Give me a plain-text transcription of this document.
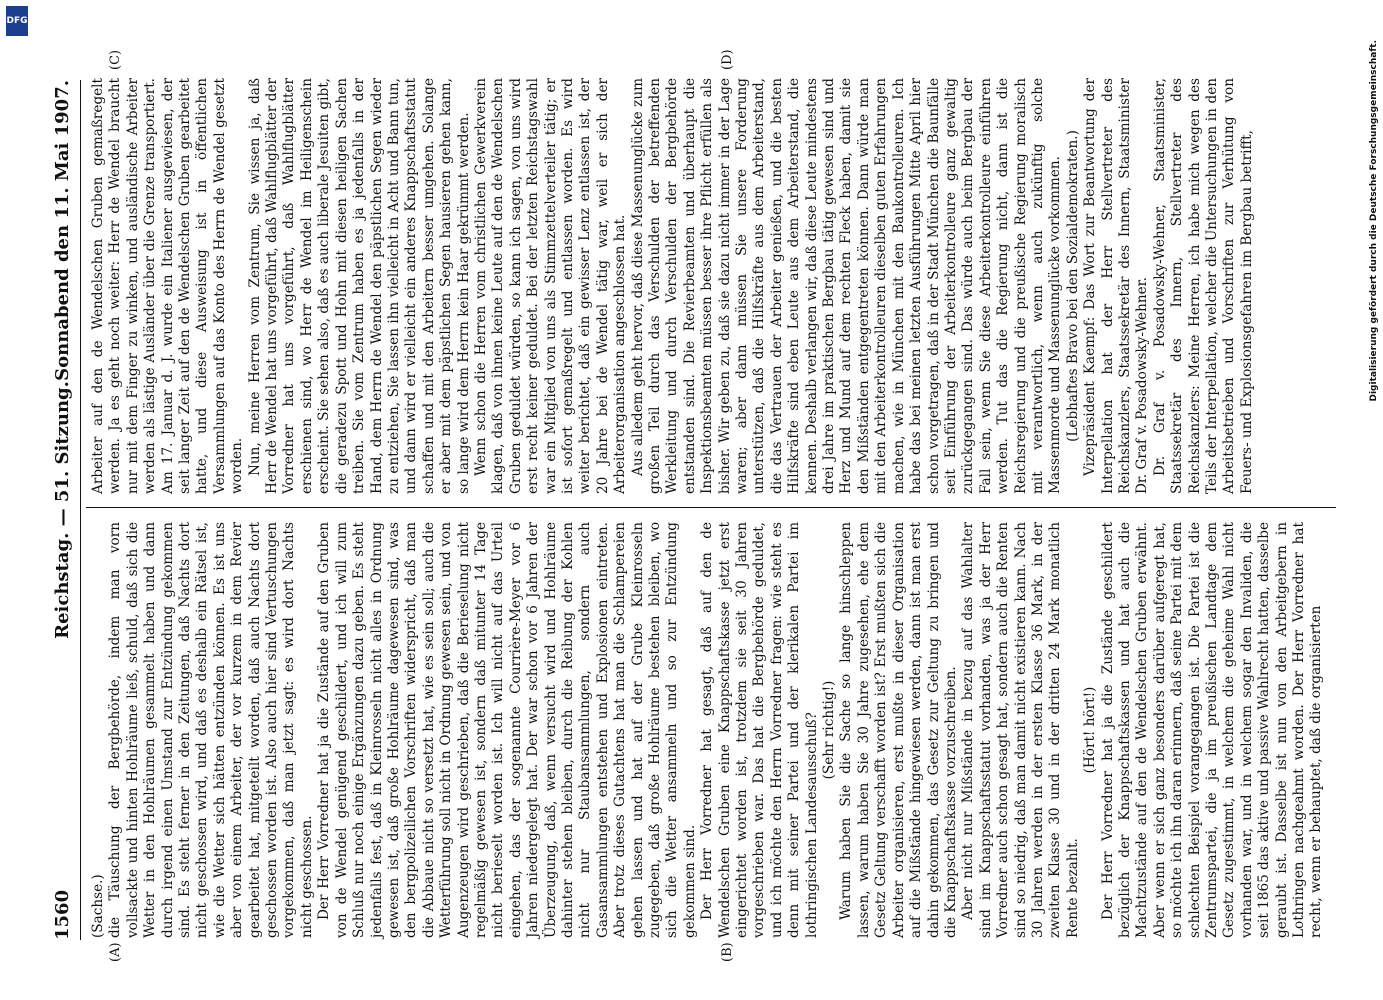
1560
Reichstag. — 51. Sitzung.
Sonnabend den 11. Mai 1907.
(A)	(B)
(C)	(D)

(Sachse.) die Täuschung der Bergbehörde, indem man vorn vollsackte und hinten Hohlräume ließ, schuld, daß sich die Wetter in den Hohlräumen gesammelt haben und dann durch irgend einen Umstand zur Entzündung gekommen sind. Es steht ferner in den Zeitungen, daß Nachts dort nicht geschossen wird, und daß es deshalb ein Rätsel ist, wie die Wetter sich hätten entzünden können. Es ist uns aber von einem Arbeiter, der vor kurzem in dem Revier gearbeitet hat, mitgeteilt worden, daß auch Nachts dort geschossen worden ist. Also auch hier sind Vertuschungen vorgekommen, daß man jetzt sagt: es wird dort Nachts nicht geschossen. Der Herr Vorredner hat ja die Zustände auf den Gruben von de Wendel genügend geschildert, und ich will zum Schluß nur noch einige Ergänzungen dazu geben. Es steht jedenfalls fest, daß in Kleinrosseln nicht alles in Ordnung gewesen ist, daß große Hohlräume dagewesen sind, was den bergpolizeilichen Vorschriften widerspricht, daß man die Abbaue nicht so versetzt hat, wie es sein soll; auch die Wetterführung soll nicht in Ordnung gewesen sein, und von Augenzeugen wird geschrieben, daß die Berieselung nicht regelmäßig gewesen ist, sondern daß mitunter 14 Tage nicht berieselt worden ist. Ich will nicht auf das Urteil eingehen, das der sogenannte Courrière-Meyer vor 6 Jahren niedergelegt hat. Der war schon vor 6 Jahren der Überzeugung, daß, wenn versucht wird und Hohlräume dahinter stehen bleiben, durch die Reibung der Kohlen nicht nur Staubansammlungen, sondern auch Gasansammlungen entstehen und Explosionen eintreten. Aber trotz dieses Gutachtens hat man die Schlampereien gehen lassen und hat auf der Grube Kleinrosseln zugegeben, daß große Hohlräume bestehen bleiben, wo sich die Wetter ansammeln und so zur Entzündung gekommen sind. Der Herr Vorredner hat gesagt, daß auf den de Wendelschen Gruben eine Knappschaftskasse jetzt erst eingerichtet worden ist, trotzdem sie seit 30 Jahren vorgeschrieben war. Das hat die Bergbehörde geduldet, und ich möchte den Herrn Vorredner fragen: wie steht es denn mit seiner Partei und der klerikalen Partei im lothringischen Landesausschuß? (Sehr richtig!) Warum haben Sie die Sache so lange hinschleppen lassen, warum haben Sie 30 Jahre zugesehen, ehe dem Gesetz Geltung verschafft worden ist? Erst mußten sich die Arbeiter organisieren, erst mußte in dieser Organisation auf die Mißstände hingewiesen werden, dann ist man erst dahin gekommen, das Gesetz zur Geltung zu bringen und die Knappschaftskasse vorzuschreiben. Aber nicht nur Mißstände in bezug auf das Wahlalter sind im Knappschaftsstatut vorhanden, was ja der Herr Vorredner auch schon gesagt hat, sondern auch die Renten sind so niedrig, daß man damit nicht existieren kann. Nach 30 Jahren werden in der ersten Klasse 36 Mark, in der zweiten Klasse 30 und in der dritten 24 Mark monatlich Rente bezahlt.

(Hört! hört!) Der Herr Vorredner hat ja die Zustände geschildert bezüglich der Knappschaftskassen und hat auch die Machtzustände auf den de Wendelschen Gruben erwähnt. Aber wenn er sich ganz besonders darüber aufgeregt hat, so möchte ich ihn daran erinnern, daß seine Partei mit dem schlechten Beispiel vorangegangen ist. Die Partei ist die Zentrumspartei, die ja im preußischen Landtage dem Gesetz zugestimmt, in welchem die geheime Wahl nicht vorhanden war, und in welchem sogar den Invaliden, die seit 1865 das aktive und passive Wahlrecht hatten, dasselbe geraubt ist. Dasselbe ist nun von den Arbeitgebern in Lothringen nachgeahmt worden. Der Herr Vorredner hat recht, wenn er behauptet, daß die organisierten

Arbeiter auf den de Wendelschen Gruben gemaßregelt werden. Ja es geht noch weiter: Herr de Wendel braucht nur mit dem Finger zu winken, und ausländische Arbeiter werden als lästige Ausländer über die Grenze transportiert. Am 17. Januar d. J. wurde ein Italiener ausgewiesen, der seit langer Zeit auf den de Wendelschen Gruben gearbeitet hatte, und diese Ausweisung ist in öffentlichen Versammlungen auf das Konto des Herrn de Wendel gesetzt worden. Nun, meine Herren vom Zentrum, Sie wissen ja, daß Herr de Wendel hat uns vorgeführt, daß Wahlflugblätter der Vorredner hat uns vorgeführt, daß Wahlflugblätter erschienen sind, wo Herr de Wendel im Heiligenschein erscheint. Sie sehen also, daß es auch liberale Jesuiten gibt, die geradezu Spott und Hohn mit diesen heiligen Sachen treiben. Sie vom Zentrum haben es ja jedenfalls in der Hand, dem Herrn de Wendel den päpstlichen Segen wieder zu entziehen, Sie lassen ihn vielleicht in Acht und Bann tun, und dann wird er vielleicht ein anderes Knappschaftsstatut schaffen und mit den Arbeitern besser umgehen. Solange er aber mit dem päpstlichen Segen hausieren gehen kann, so lange wird dem Herrn kein Haar gekrümmt werden. Wenn schon die Herren vom christlichen Gewerkverein klagen, daß von ihnen keine Leute auf den de Wendelschen Gruben geduldet würden, so kann ich sagen, von uns wird erst recht keiner geduldet. Bei der letzten Reichstagswahl war ein Mitglied von uns als Stimmzettelverteiler tätig; er ist sofort gemaßregelt und entlassen worden. Es wird weiter berichtet, daß ein gewisser Lenz entlassen ist, der 20 Jahre bei de Wendel tätig war, weil er sich der Arbeiterorganisation angeschlossen hat. Aus alledem geht hervor, daß diese Massenunglücke zum großen Teil durch das Verschulden der betreffenden Werkleitung und durch Verschulden der Bergbehörde entstanden sind. Die Revierbeamten und überhaupt die Inspektionsbeamten müssen besser ihre Pflicht erfüllen als bisher. Wir geben zu, daß sie dazu nicht immer in der Lage waren; aber dann müssen Sie unsere Forderung unterstützen, daß die Hilfskräfte aus dem Arbeiterstand, die das Vertrauen der Arbeiter genießen, und die besten Hilfskräfte sind eben Leute aus dem Arbeiterstand, die kennen. Deshalb verlangen wir, daß diese Leute mindestens drei Jahre im praktischen Bergbau tätig gewesen sind und Herz und Mund auf dem rechten Fleck haben, damit sie den Mißständen entgegentreten können. Dann würde man mit den Arbeiterkontrolleuren dieselben guten Erfahrungen machen, wie in München mit den Baukontrolleuren. Ich habe das bei meinen letzten Ausführungen Mitte April hier schon vorgetragen, daß in der Stadt München die Baunfälle seit Einführung der Arbeiterkontrolleure ganz gewaltig zurückgegangen sind. Das würde auch beim Bergbau der Fall sein, wenn Sie diese Arbeiterkontrolleure einführen werden. Tut das die Regierung nicht, dann ist die Reichsregierung und die preußische Regierung moralisch mit verantwortlich, wenn auch zukünftig solche Massenmorde und Massenunglücke vorkommen. (Lebhaftes Bravo bei den Sozialdemokraten.) Vizepräsident Kaempf: Das Wort zur Beantwortung der Interpellation hat der Herr Stellvertreter des Reichskanzlers, Staatssekretär des Innern, Staatsminister Dr. Graf v. Posadowsky-Wehner. Dr. Graf v. Posadowsky-Wehner, Staatsminister, Staatssekretär des Innern, Stellvertreter des Reichskanzlers: Meine Herren, ich habe mich wegen des Teils der Interpellation, welcher die Untersuchungen in den Arbeitsbetrieben und Vorschriften zur Verhütung von Feuers- und Explosionsgefahren im Bergbau betrifft,

DFG
Digitalisierung gefördert durch die Deutsche Forschungsgemeinschaft.
